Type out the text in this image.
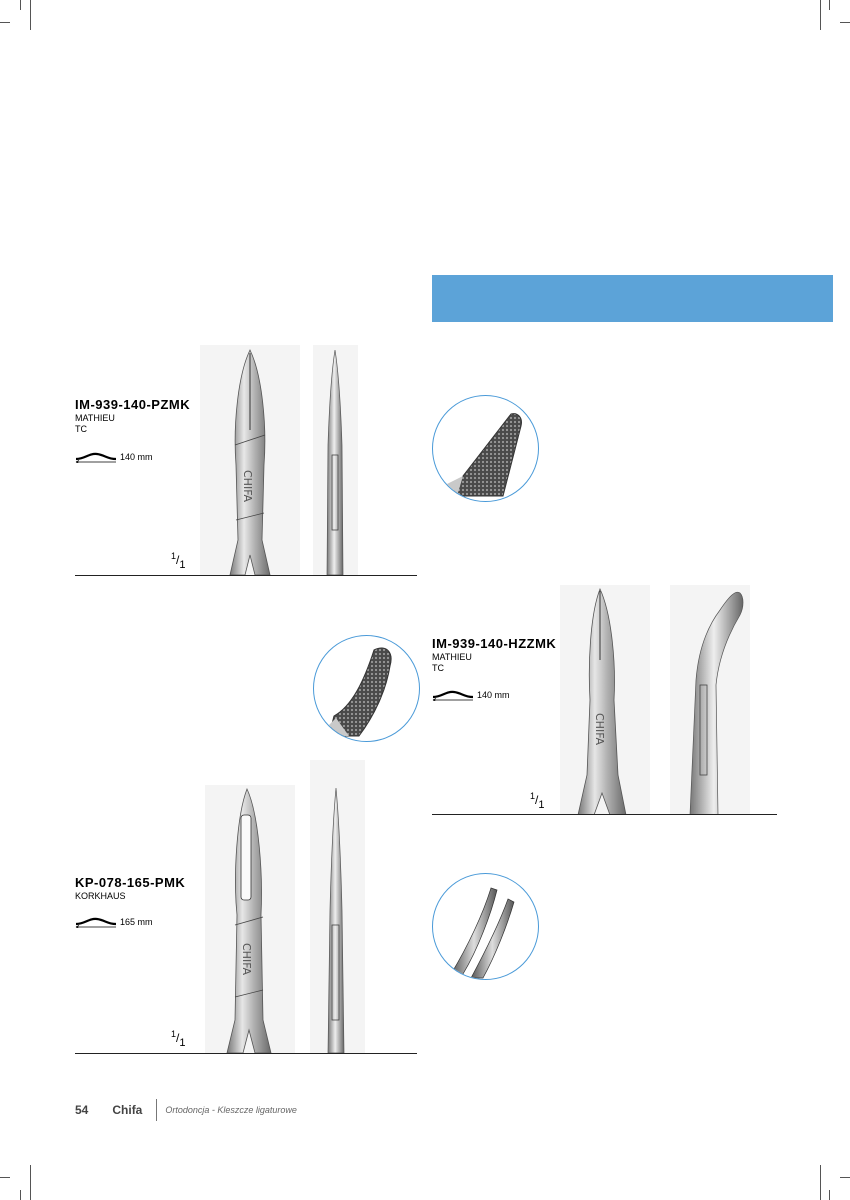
IM-939-140-PZMK
MATHIEU
TC
140 mm
$^1/_1$
CHIFA
IM-939-140-HZZMK
MATHIEU
TC
140 mm
$^1/_1$
CHIFA
KP-078-165-PMK
KORKHAUS
165 mm
$^1/_1$
CHIFA
54 Chifa	Ortodoncja - Kleszcze ligaturowe
